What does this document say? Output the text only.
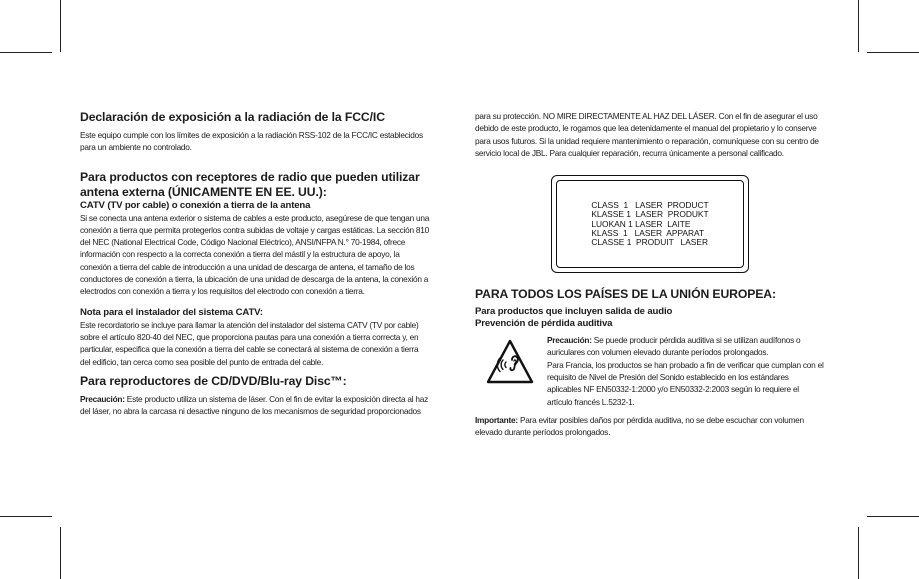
Declaración de exposición a la radiación de la FCC/IC

Este equipo cumple con los límites de exposición a la radiación RSS-102 de la FCC/IC establecidos para un ambiente no controlado.

Para productos con receptores de radio que pueden utilizar antena externa (ÚNICAMENTE EN EE. UU.):
CATV (TV por cable) o conexión a tierra de la antena

Si se conecta una antena exterior o sistema de cables a este producto, asegúrese de que tengan una conexión a tierra que permita protegerlos contra subidas de voltaje y cargas estáticas. La sección 810 del NEC (National Electrical Code, Código Nacional Eléctrico), ANSI/NFPA N.° 70-1984, ofrece información con respecto a la correcta conexión a tierra del mástil y la estructura de apoyo, la conexión a tierra del cable de introducción a una unidad de descarga de antena, el tamaño de los conductores de conexión a tierra, la ubicación de una unidad de descarga de la antena, la conexión a electrodos con conexión a tierra y los requisitos del electrodo con conexión a tierra.

Nota para el instalador del sistema CATV:

Este recordatorio se incluye para llamar la atención del instalador del sistema CATV (TV por cable) sobre el artículo 820-40 del NEC, que proporciona pautas para una conexión a tierra correcta y, en particular, especifica que la conexión a tierra del cable se conectará al sistema de conexión a tierra del edificio, tan cerca como sea posible del punto de entrada del cable.

Para reproductores de CD/DVD/Blu-ray Disc™:

Precaución: Este producto utiliza un sistema de láser. Con el fin de evitar la exposición directa al haz del láser, no abra la carcasa ni desactive ninguno de los mecanismos de seguridad proporcionados

para su protección. NO MIRE DIRECTAMENTE AL HAZ DEL LÁSER. Con el fin de asegurar el uso debido de este producto, le rogamos que lea detenidamente el manual del propietario y lo conserve para usos futuros. Si la unidad requiere mantenimiento o reparación, comuníquese con su centro de servicio local de JBL. Para cualquier reparación, recurra únicamente a personal calificado.

CLASS  1   LASER  PRODUCT
KLASSE 1  LASER  PRODUKT
LUOKAN 1 LASER  LAITE
KLASS  1   LASER  APPARAT
CLASSE 1  PRODUIT   LASER
PARA TODOS LOS PAÍSES DE LA UNIÓN EUROPEA:
Para productos que incluyen salida de audio
Prevención de pérdida auditiva

Precaución: Se puede producir pérdida auditiva si se utilizan audífonos o auriculares con volumen elevado durante períodos prolongados.

Para Francia, los productos se han probado a fin de verificar que cumplan con el requisito de Nivel de Presión del Sonido establecido en los estándares aplicables NF EN50332-1:2000 y/o EN50332-2:2003 según lo requiere el artículo francés L.5232-1.

Importante: Para evitar posibles daños por pérdida auditiva, no se debe escuchar con volumen elevado durante períodos prolongados.
